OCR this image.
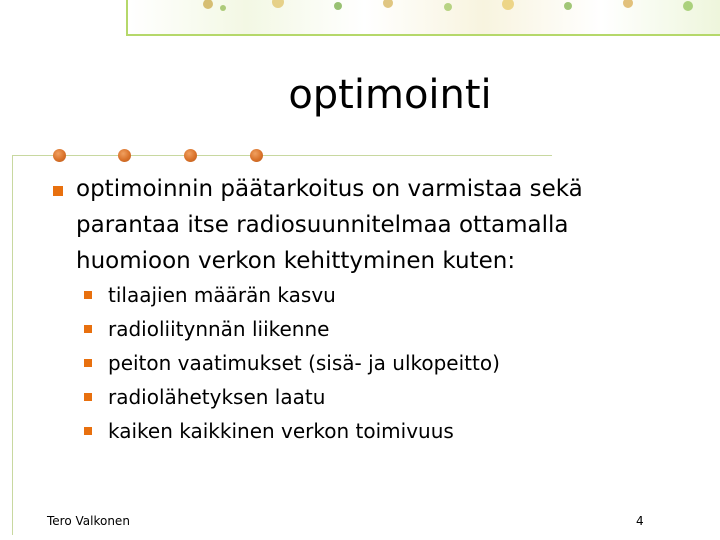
optimointi
optimoinnin päätarkoitus on varmistaa sekä parantaa itse radiosuunnitelmaa ottamalla huomioon verkon kehittyminen kuten:
tilaajien määrän kasvu
radioliitynnän liikenne
peiton vaatimukset (sisä- ja ulkopeitto)
radiolähetyksen laatu
kaiken kaikkinen verkon toimivuus
Tero Valkonen	4
